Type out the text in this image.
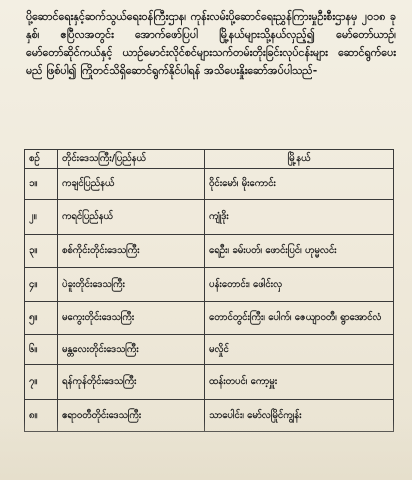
ပို့ဆောင်ရေးနှင့်ဆက်သွယ်ရေးဝန်ကြီးဌာန၊ ကုန်းလမ်းပို့ဆောင်ရေးညွှန်ကြားမှုဦးစီးဌာနမှ ၂၀၁၈ ခုနှစ်၊ ဧပြီလအတွင်း အောက်ဖော်ပြပါ မြို့နယ်များသို့နယ်လှည့်၍ မော်တော်ယာဉ်၊ မော်တော်ဆိုင်ကယ်နှင့် ယာဉ်မောင်းလိုင်စင်များသက်တမ်းတိုးခြင်းလုပ်ငန်းများ ဆောင်ရွက်ပေးမည် ဖြစ်ပါ၍ ကြိုတင်သိရှိဆောင်ရွက်နိုင်ပါရန် အသိပေးနှိုးဆော်အပ်ပါသည်-

စဉ်	တိုင်းဒေသကြီး/ပြည်နယ်	မြို့နယ်
၁။	ကချင်ပြည်နယ်	ဝိုင်းမော်၊ မိုးကောင်း
၂။	ကရင်ပြည်နယ်	ကျုံဒိုး
၃။	စစ်ကိုင်းတိုင်းဒေသကြီး	ရေဦး၊ ခမ်းပတ်၊ ဖောင်းပြင်၊ ဟုမ္မလင်း
၄။	ပဲခူးတိုင်းဒေသကြီး	ပန်းတောင်း၊ ဖေါင်းလှ
၅။	မကွေးတိုင်းဒေသကြီး	တောင်တွင်းကြီး၊ ပေါက်၊ ဇေယျာဝတီ၊ ရွာအောင်လံ
၆။	မန္တလေးတိုင်းဒေသကြီး	မလှိုင်
၇။	ရန်ကုန်တိုင်းဒေသကြီး	ထန်းတပင်၊ ကော့မှူး
၈။	ဧရာဝတီတိုင်းဒေသကြီး	သာပေါင်း၊ မော်လမြိုင်ကျွန်း
